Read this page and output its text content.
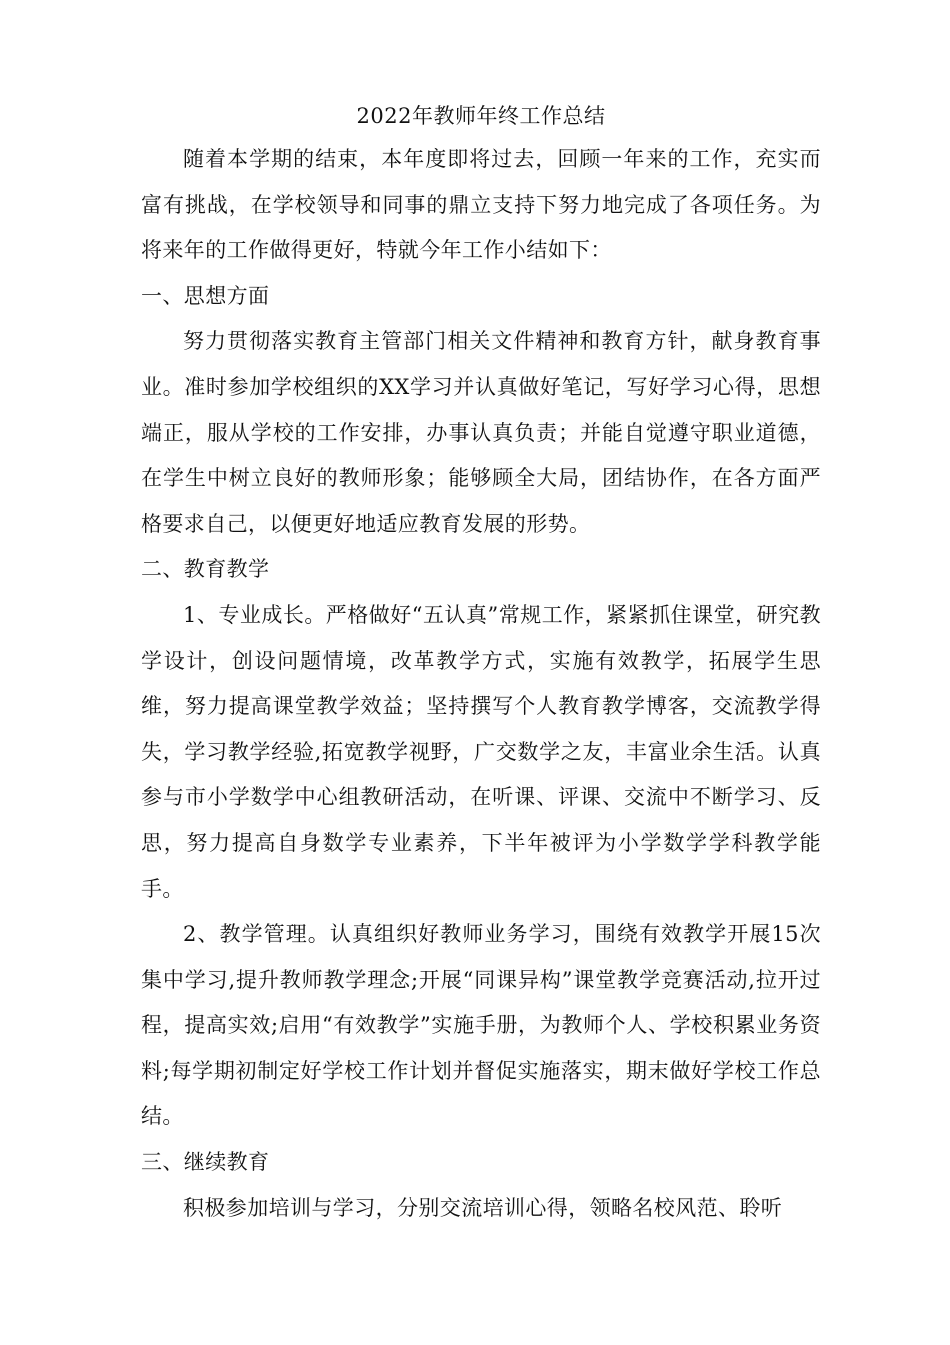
2022年教师年终工作总结

随着本学期的结束，本年度即将过去，回顾一年来的工作，充实而富有挑战，在学校领导和同事的鼎立支持下努力地完成了各项任务。为将来年的工作做得更好，特就今年工作小结如下：

一、思想方面

努力贯彻落实教育主管部门相关文件精神和教育方针，献身教育事业。准时参加学校组织的XX学习并认真做好笔记，写好学习心得，思想端正，服从学校的工作安排，办事认真负责；并能自觉遵守职业道德，在学生中树立良好的教师形象；能够顾全大局，团结协作，在各方面严格要求自己，以便更好地适应教育发展的形势。

二、教育教学

1、专业成长。严格做好“五认真”常规工作，紧紧抓住课堂，研究教学设计，创设问题情境，改革教学方式，实施有效教学，拓展学生思维，努力提高课堂教学效益；坚持撰写个人教育教学博客，交流教学得失，学习教学经验,拓宽教学视野，广交数学之友，丰富业余生活。认真参与市小学数学中心组教研活动，在听课、评课、交流中不断学习、反思，努力提高自身数学专业素养，下半年被评为小学数学学科教学能手。

2、教学管理。认真组织好教师业务学习，围绕有效教学开展15次集中学习,提升教师教学理念;开展“同课异构”课堂教学竞赛活动,拉开过程，提高实效;启用“有效教学”实施手册，为教师个人、学校积累业务资料;每学期初制定好学校工作计划并督促实施落实，期末做好学校工作总结。

三、继续教育

积极参加培训与学习，分别交流培训心得，领略名校风范、聆听
